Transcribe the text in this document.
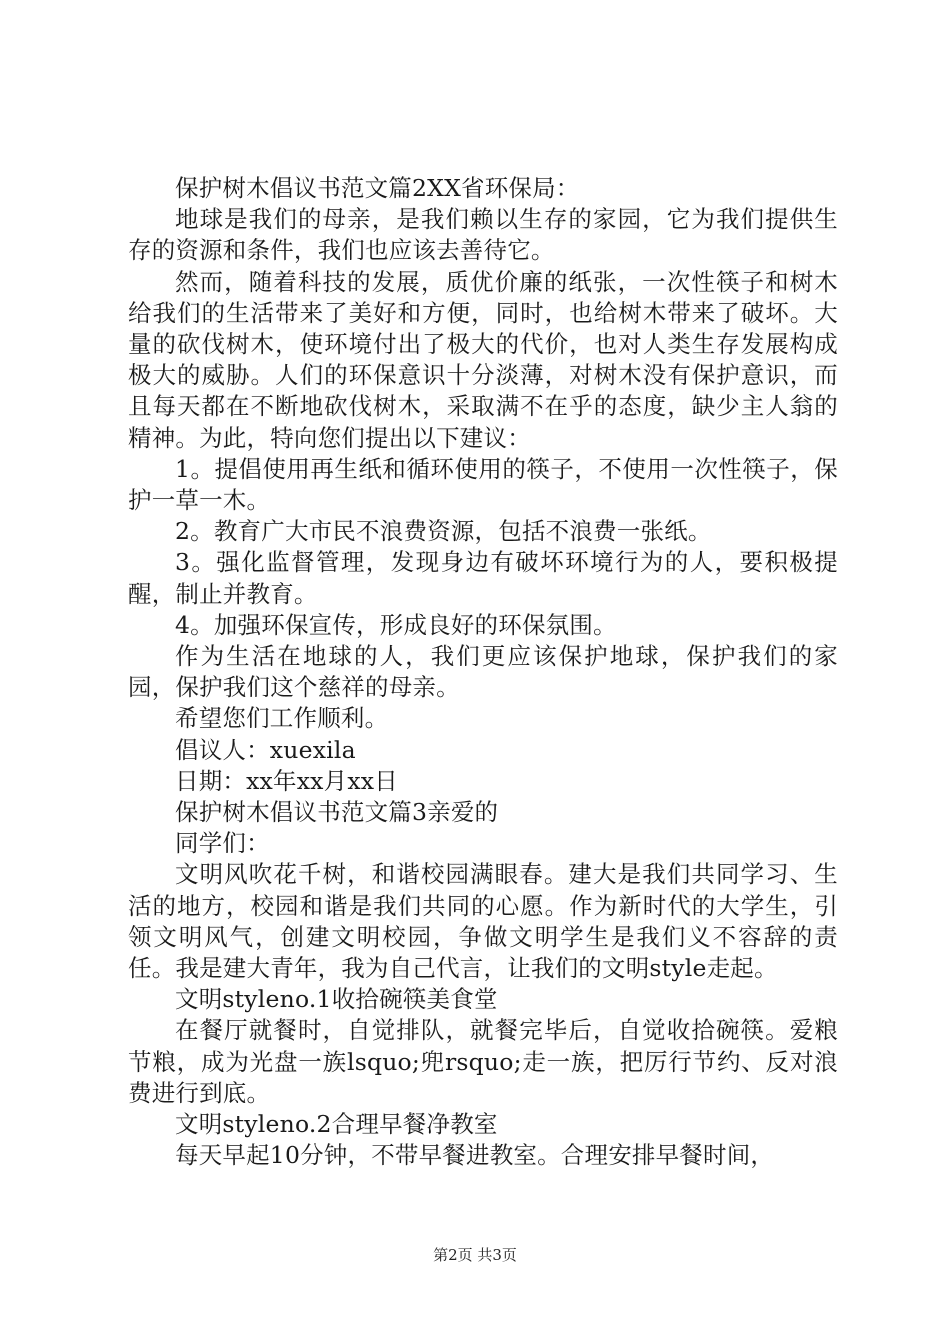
保护树木倡议书范文篇2XX省环保局：

地球是我们的母亲，是我们赖以生存的家园，它为我们提供生存的资源和条件，我们也应该去善待它。

然而，随着科技的发展，质优价廉的纸张，一次性筷子和树木给我们的生活带来了美好和方便，同时，也给树木带来了破坏。大量的砍伐树木，使环境付出了极大的代价，也对人类生存发展构成极大的威胁。人们的环保意识十分淡薄，对树木没有保护意识，而且每天都在不断地砍伐树木，采取满不在乎的态度，缺少主人翁的精神。为此，特向您们提出以下建议：

1。提倡使用再生纸和循环使用的筷子，不使用一次性筷子，保护一草一木。

2。教育广大市民不浪费资源，包括不浪费一张纸。

3。强化监督管理，发现身边有破坏环境行为的人，要积极提醒，制止并教育。

4。加强环保宣传，形成良好的环保氛围。

作为生活在地球的人，我们更应该保护地球，保护我们的家园，保护我们这个慈祥的母亲。

希望您们工作顺利。

倡议人：xuexila

日期：xx年xx月xx日

保护树木倡议书范文篇3亲爱的

同学们：

文明风吹花千树，和谐校园满眼春。建大是我们共同学习、生活的地方，校园和谐是我们共同的心愿。作为新时代的大学生，引领文明风气，创建文明校园，争做文明学生是我们义不容辞的责任。我是建大青年，我为自己代言，让我们的文明style走起。

文明styleno.1收拾碗筷美食堂

在餐厅就餐时，自觉排队，就餐完毕后，自觉收拾碗筷。爱粮节粮，成为光盘一族lsquo;兜rsquo;走一族，把厉行节约、反对浪费进行到底。

文明styleno.2合理早餐净教室

每天早起10分钟，不带早餐进教室。合理安排早餐时间，

第2页 共3页
